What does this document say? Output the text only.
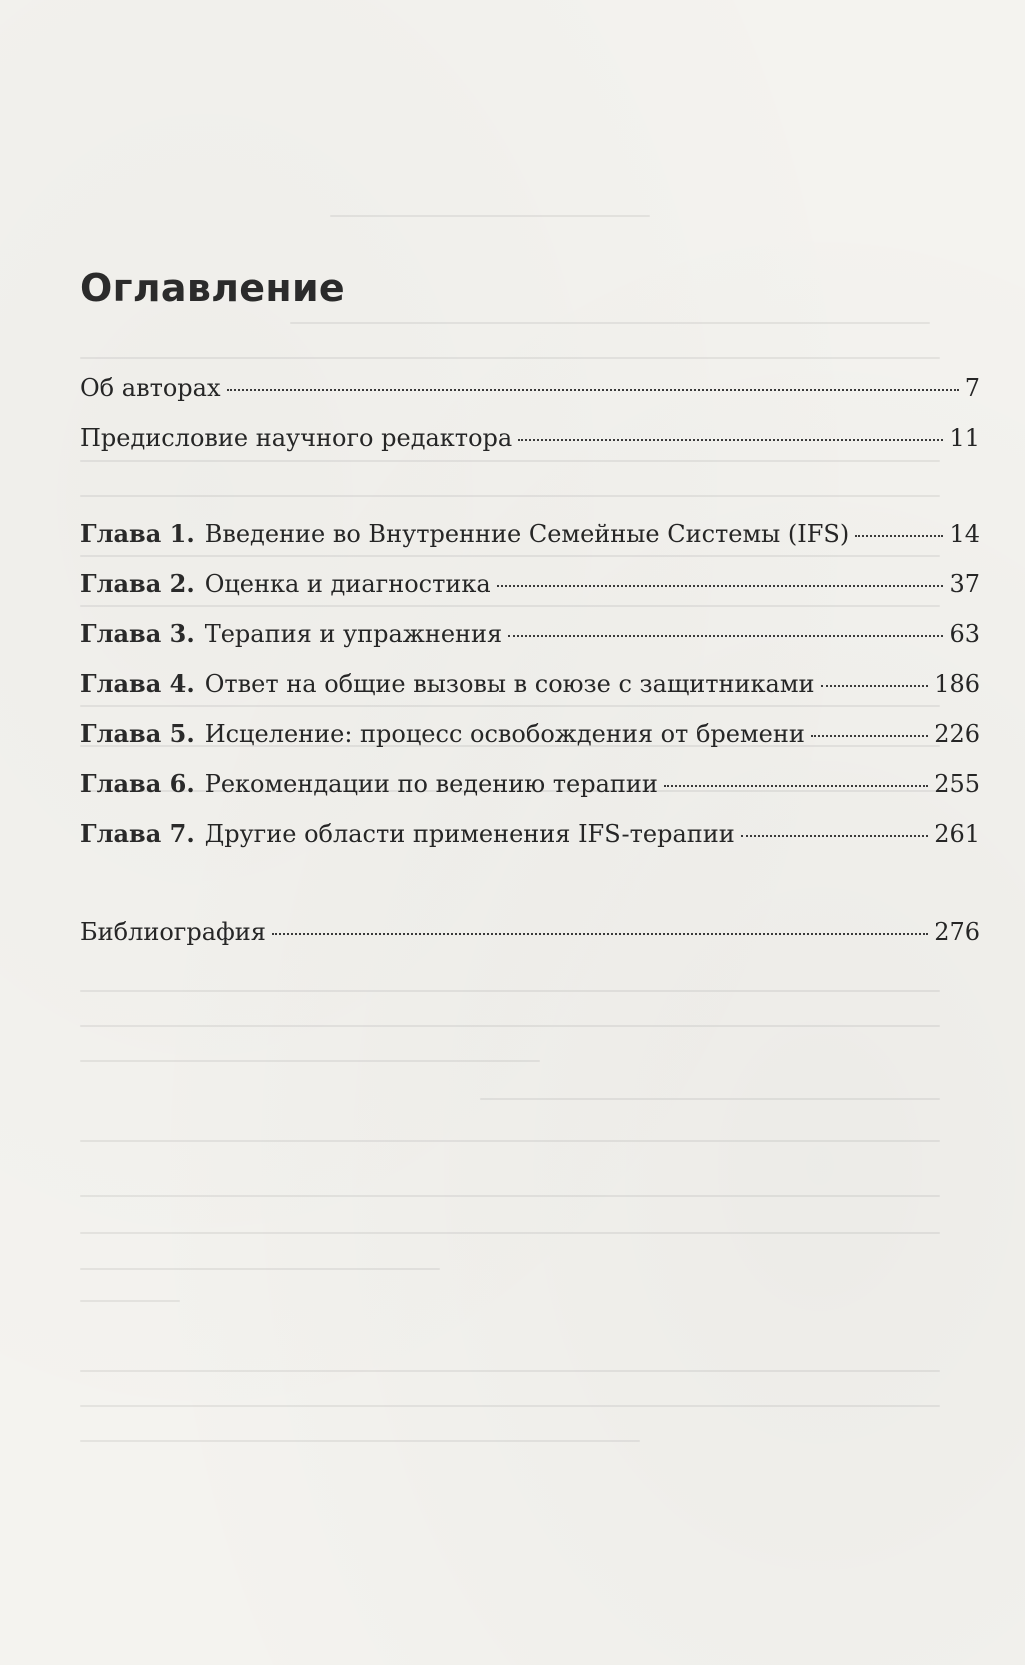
Оглавление
Об авторах	7
Предисловие научного редактора	11
Глава 1. Введение во Внутренние Семейные Системы (IFS)	14
Глава 2. Оценка и диагностика	37
Глава 3. Терапия и упражнения	63
Глава 4. Ответ на общие вызовы в союзе с защитниками	186
Глава 5. Исцеление: процесс освобождения от бремени	226
Глава 6. Рекомендации по ведению терапии	255
Глава 7. Другие области применения IFS-терапии	261
Библиография	276
